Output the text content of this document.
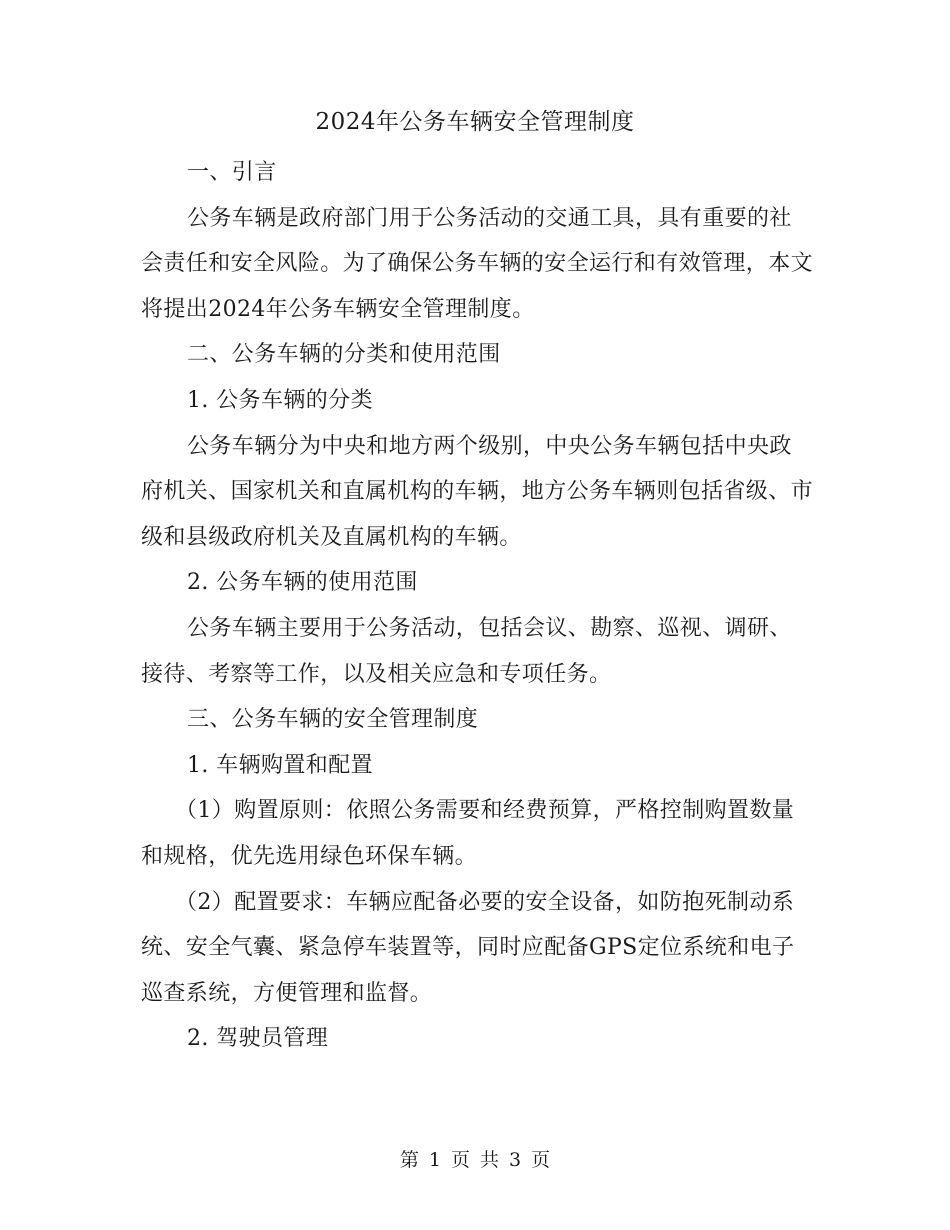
2024年公务车辆安全管理制度

一、引言

公务车辆是政府部门用于公务活动的交通工具，具有重要的社会责任和安全风险。为了确保公务车辆的安全运行和有效管理，本文将提出2024年公务车辆安全管理制度。

二、公务车辆的分类和使用范围

1. 公务车辆的分类

公务车辆分为中央和地方两个级别，中央公务车辆包括中央政府机关、国家机关和直属机构的车辆，地方公务车辆则包括省级、市级和县级政府机关及直属机构的车辆。

2. 公务车辆的使用范围

公务车辆主要用于公务活动，包括会议、勘察、巡视、调研、接待、考察等工作，以及相关应急和专项任务。

三、公务车辆的安全管理制度

1. 车辆购置和配置

（1）购置原则：依照公务需要和经费预算，严格控制购置数量和规格，优先选用绿色环保车辆。

（2）配置要求：车辆应配备必要的安全设备，如防抱死制动系统、安全气囊、紧急停车装置等，同时应配备GPS定位系统和电子巡查系统，方便管理和监督。

2. 驾驶员管理

第 1 页 共 3 页
